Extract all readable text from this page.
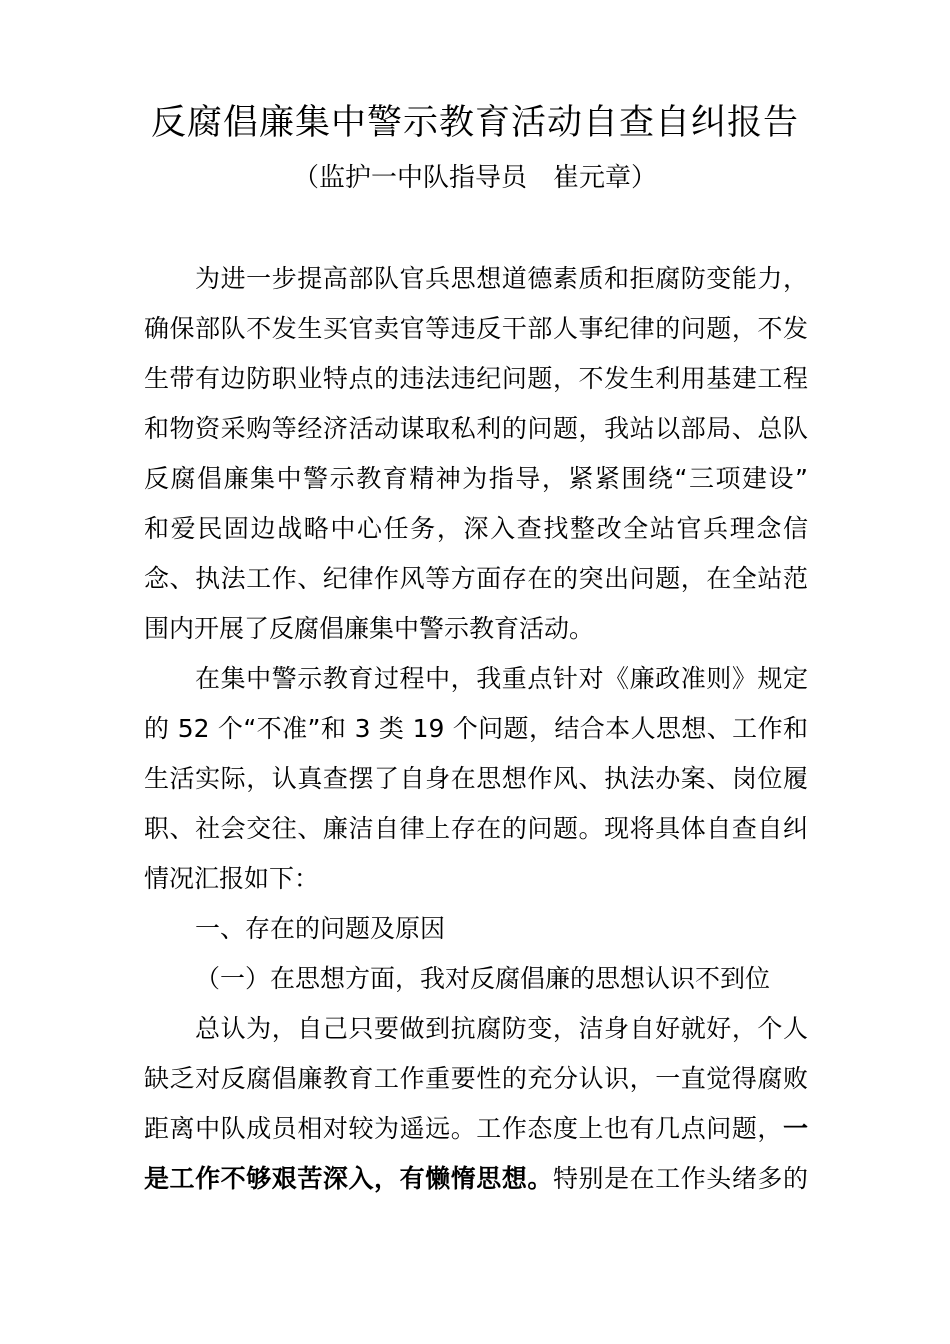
反腐倡廉集中警示教育活动自查自纠报告
（监护一中队指导员　崔元章）

为进一步提高部队官兵思想道德素质和拒腐防变能力，
确保部队不发生买官卖官等违反干部人事纪律的问题，不发
生带有边防职业特点的违法违纪问题，不发生利用基建工程
和物资采购等经济活动谋取私利的问题，我站以部局、总队
反腐倡廉集中警示教育精神为指导，紧紧围绕“三项建设”
和爱民固边战略中心任务，深入查找整改全站官兵理念信
念、执法工作、纪律作风等方面存在的突出问题，在全站范
围内开展了反腐倡廉集中警示教育活动。

在集中警示教育过程中，我重点针对《廉政准则》规定
的 52 个“不准”和 3 类 19 个问题，结合本人思想、工作和
生活实际，认真查摆了自身在思想作风、执法办案、岗位履
职、社会交往、廉洁自律上存在的问题。现将具体自查自纠
情况汇报如下：

一、存在的问题及原因

（一）在思想方面，我对反腐倡廉的思想认识不到位

总认为，自己只要做到抗腐防变，洁身自好就好，个人
缺乏对反腐倡廉教育工作重要性的充分认识，一直觉得腐败
距离中队成员相对较为遥远。工作态度上也有几点问题，一
是工作不够艰苦深入，有懒惰思想。特别是在工作头绪多的
